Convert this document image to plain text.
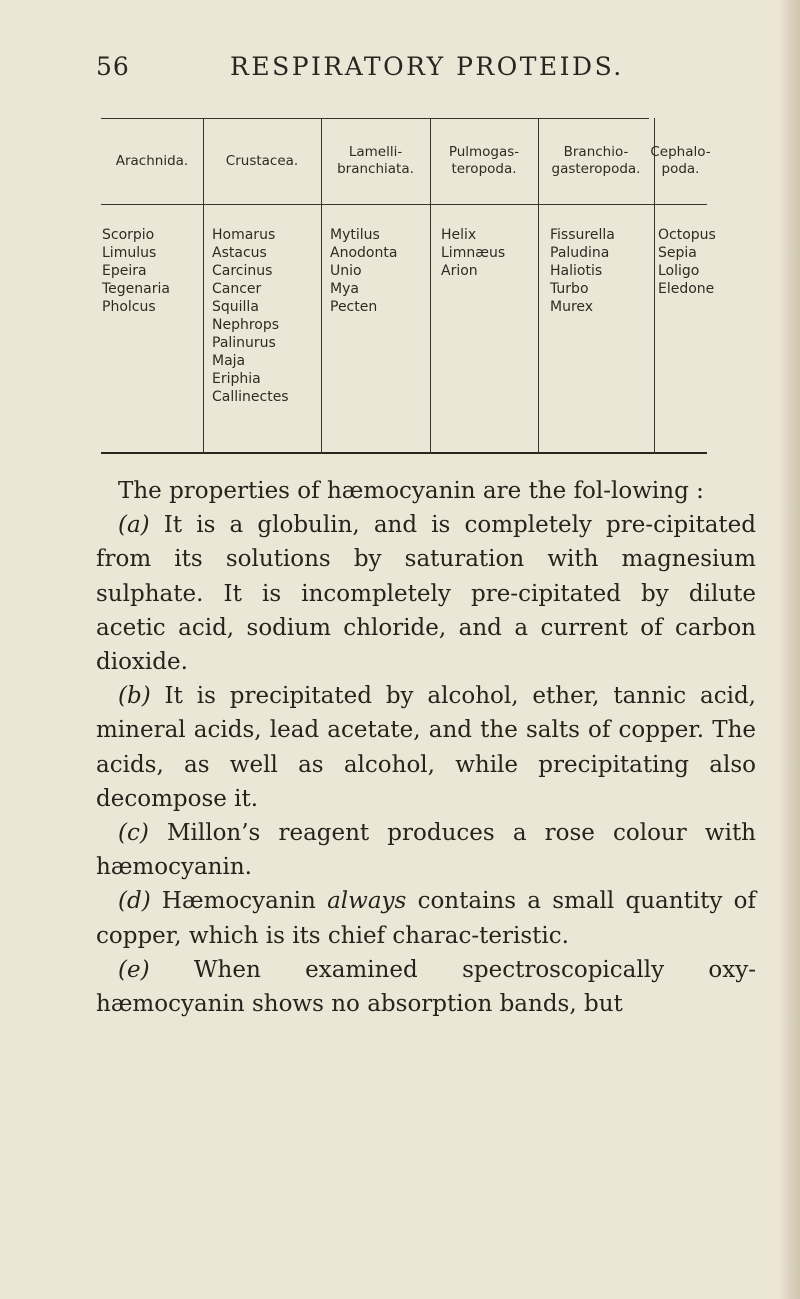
56	RESPIRATORY PROTEIDS.
Arachnida.	Crustacea.
Lamelli-
branchiata.
Pulmogas-
teropoda.
Branchio-
gasteropoda.
Cephalo-
poda.
Scorpio
Limulus
Epeira
Tegenaria
Pholcus
Homarus
Astacus
Carcinus
Cancer
Squilla
Nephrops
Palinurus
Maja
Eriphia
Callinectes
Mytilus
Anodonta
Unio
Mya
Pecten
Helix
Limnæus
Arion
Fissurella
Paludina
Haliotis
Turbo
Murex
Octopus
Sepia
Loligo
Eledone

The properties of hæmocyanin are the fol-lowing :

(a) It is a globulin, and is completely pre-cipitated from its solutions by saturation with magnesium sulphate. It is incompletely pre-cipitated by dilute acetic acid, sodium chloride, and a current of carbon dioxide.

(b) It is precipitated by alcohol, ether, tannic acid, mineral acids, lead acetate, and the salts of copper. The acids, as well as alcohol, while precipitating also decompose it.

(c) Millon’s reagent produces a rose colour with hæmocyanin.

(d) Hæmocyanin always contains a small quantity of copper, which is its chief charac-teristic.

(e) When examined spectroscopically oxy-hæmocyanin shows no absorption bands, but
